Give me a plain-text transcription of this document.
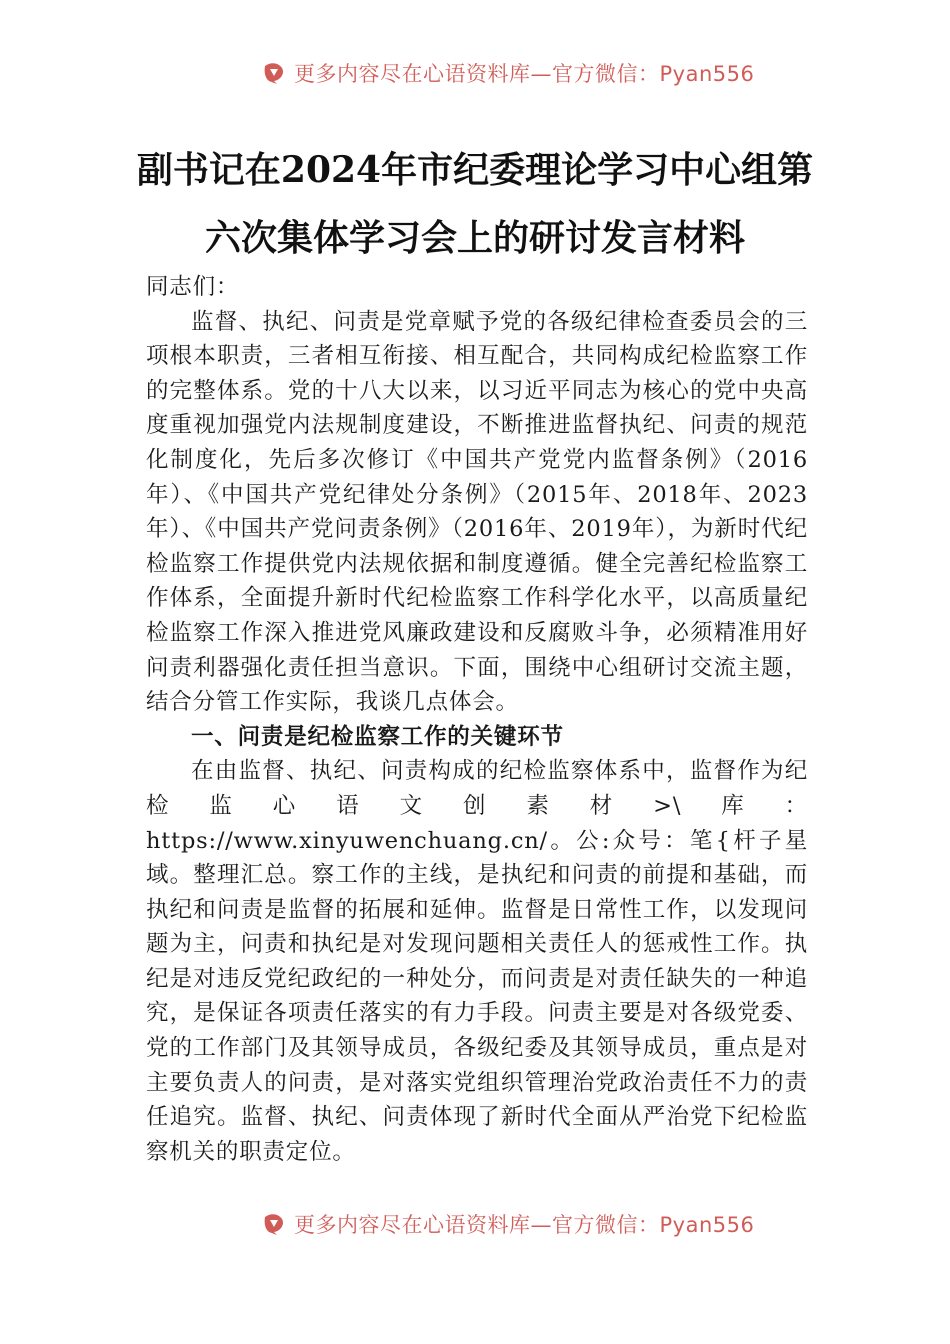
更多内容尽在心语资料库—官方微信：Pyan556
副书记在2024年市纪委理论学习中心组第
六次集体学习会上的研讨发言材料

同志们：

监督、执纪、问责是党章赋予党的各级纪律检查委员会的三项根本职责，三者相互衔接、相互配合，共同构成纪检监察工作的完整体系。党的十八大以来，以习近平同志为核心的党中央高度重视加强党内法规制度建设，不断推进监督执纪、问责的规范化制度化，先后多次修订《中国共产党党内监督条例》（2016年）、《中国共产党纪律处分条例》（2015年、2018年、2023年）、《中国共产党问责条例》（2016年、2019年），为新时代纪检监察工作提供党内法规依据和制度遵循。健全完善纪检监察工作体系，全面提升新时代纪检监察工作科学化水平，以高质量纪检监察工作深入推进党风廉政建设和反腐败斗争，必须精准用好问责利器强化责任担当意识。下面，围绕中心组研讨交流主题，结合分管工作实际，我谈几点体会。

一、问责是纪检监察工作的关键环节

在由监督、执纪、问责构成的纪检监察体系中，监督作为纪检监心语文创素材>\库：https://www.xinyuwenchuang.cn/。公:众号：笔{杆子星域。整理汇总。察工作的主线，是执纪和问责的前提和基础，而执纪和问责是监督的拓展和延伸。监督是日常性工作，以发现问题为主，问责和执纪是对发现问题相关责任人的惩戒性工作。执纪是对违反党纪政纪的一种处分，而问责是对责任缺失的一种追究，是保证各项责任落实的有力手段。问责主要是对各级党委、党的工作部门及其领导成员，各级纪委及其领导成员，重点是对主要负责人的问责，是对落实党组织管理治党政治责任不力的责任追究。监督、执纪、问责体现了新时代全面从严治党下纪检监察机关的职责定位。

更多内容尽在心语资料库—官方微信：Pyan556
